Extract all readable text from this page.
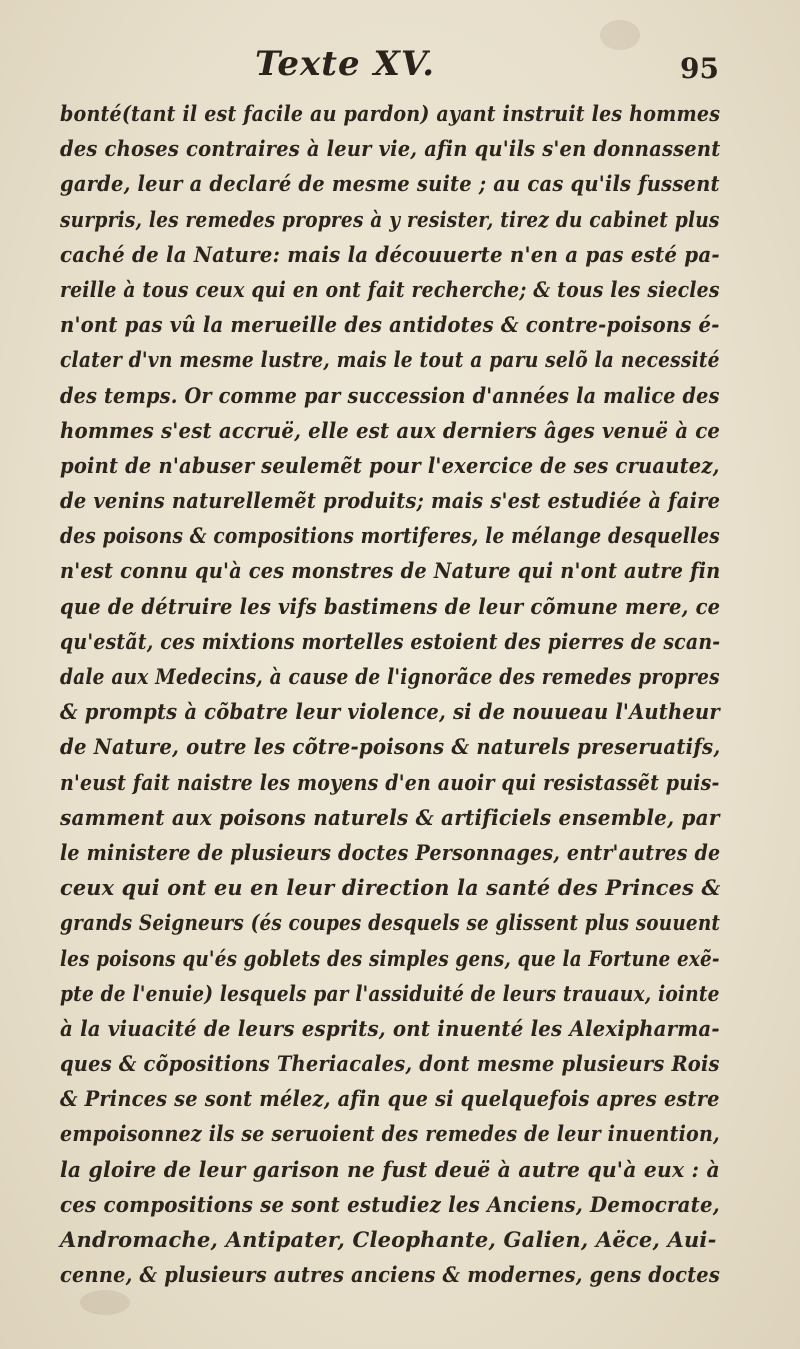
Texte XV.	95
bonté(tant il est facile au pardon) ayant instruit les hommes
des choses contraires à leur vie, afin qu'ils s'en donnassent
garde, leur a declaré de mesme suite ; au cas qu'ils fussent
surpris, les remedes propres à y resister, tirez du cabinet plus
caché de la Nature: mais la découuerte n'en a pas esté pa-
reille à tous ceux qui en ont fait recherche; & tous les siecles
n'ont pas vû la merueille des antidotes & contre-poisons é-
clater d'vn mesme lustre, mais le tout a paru selõ la necessité
des temps. Or comme par succession d'années la malice des
hommes s'est accruë, elle est aux derniers âges venuë à ce
point de n'abuser seulemẽt pour l'exercice de ses cruautez,
de venins naturellemẽt produits; mais s'est estudiée à faire
des poisons & compositions mortiferes, le mélange desquelles
n'est connu qu'à ces monstres de Nature qui n'ont autre fin
que de détruire les vifs bastimens de leur cõmune mere, ce
qu'estãt, ces mixtions mortelles estoient des pierres de scan-
dale aux Medecins, à cause de l'ignorãce des remedes propres
& prompts à cõbatre leur violence, si de nouueau l'Autheur
de Nature, outre les cõtre-poisons & naturels preseruatifs,
n'eust fait naistre les moyens d'en auoir qui resistassẽt puis-
samment aux poisons naturels & artificiels ensemble, par
le ministere de plusieurs doctes Personnages, entr'autres de
ceux qui ont eu en leur direction la santé des Princes &
grands Seigneurs (és coupes desquels se glissent plus souuent
les poisons qu'és goblets des simples gens, que la Fortune exẽ-
pte de l'enuie) lesquels par l'assiduité de leurs trauaux, iointe
à la viuacité de leurs esprits, ont inuenté les Alexipharma-
ques & cõpositions Theriacales, dont mesme plusieurs Rois
& Princes se sont mélez, afin que si quelquefois apres estre
empoisonnez ils se seruoient des remedes de leur inuention,
la gloire de leur garison ne fust deuë à autre qu'à eux : à
ces compositions se sont estudiez les Anciens, Democrate,
Andromache, Antipater, Cleophante, Galien, Aëce, Aui-
cenne, & plusieurs autres anciens & modernes, gens doctes
